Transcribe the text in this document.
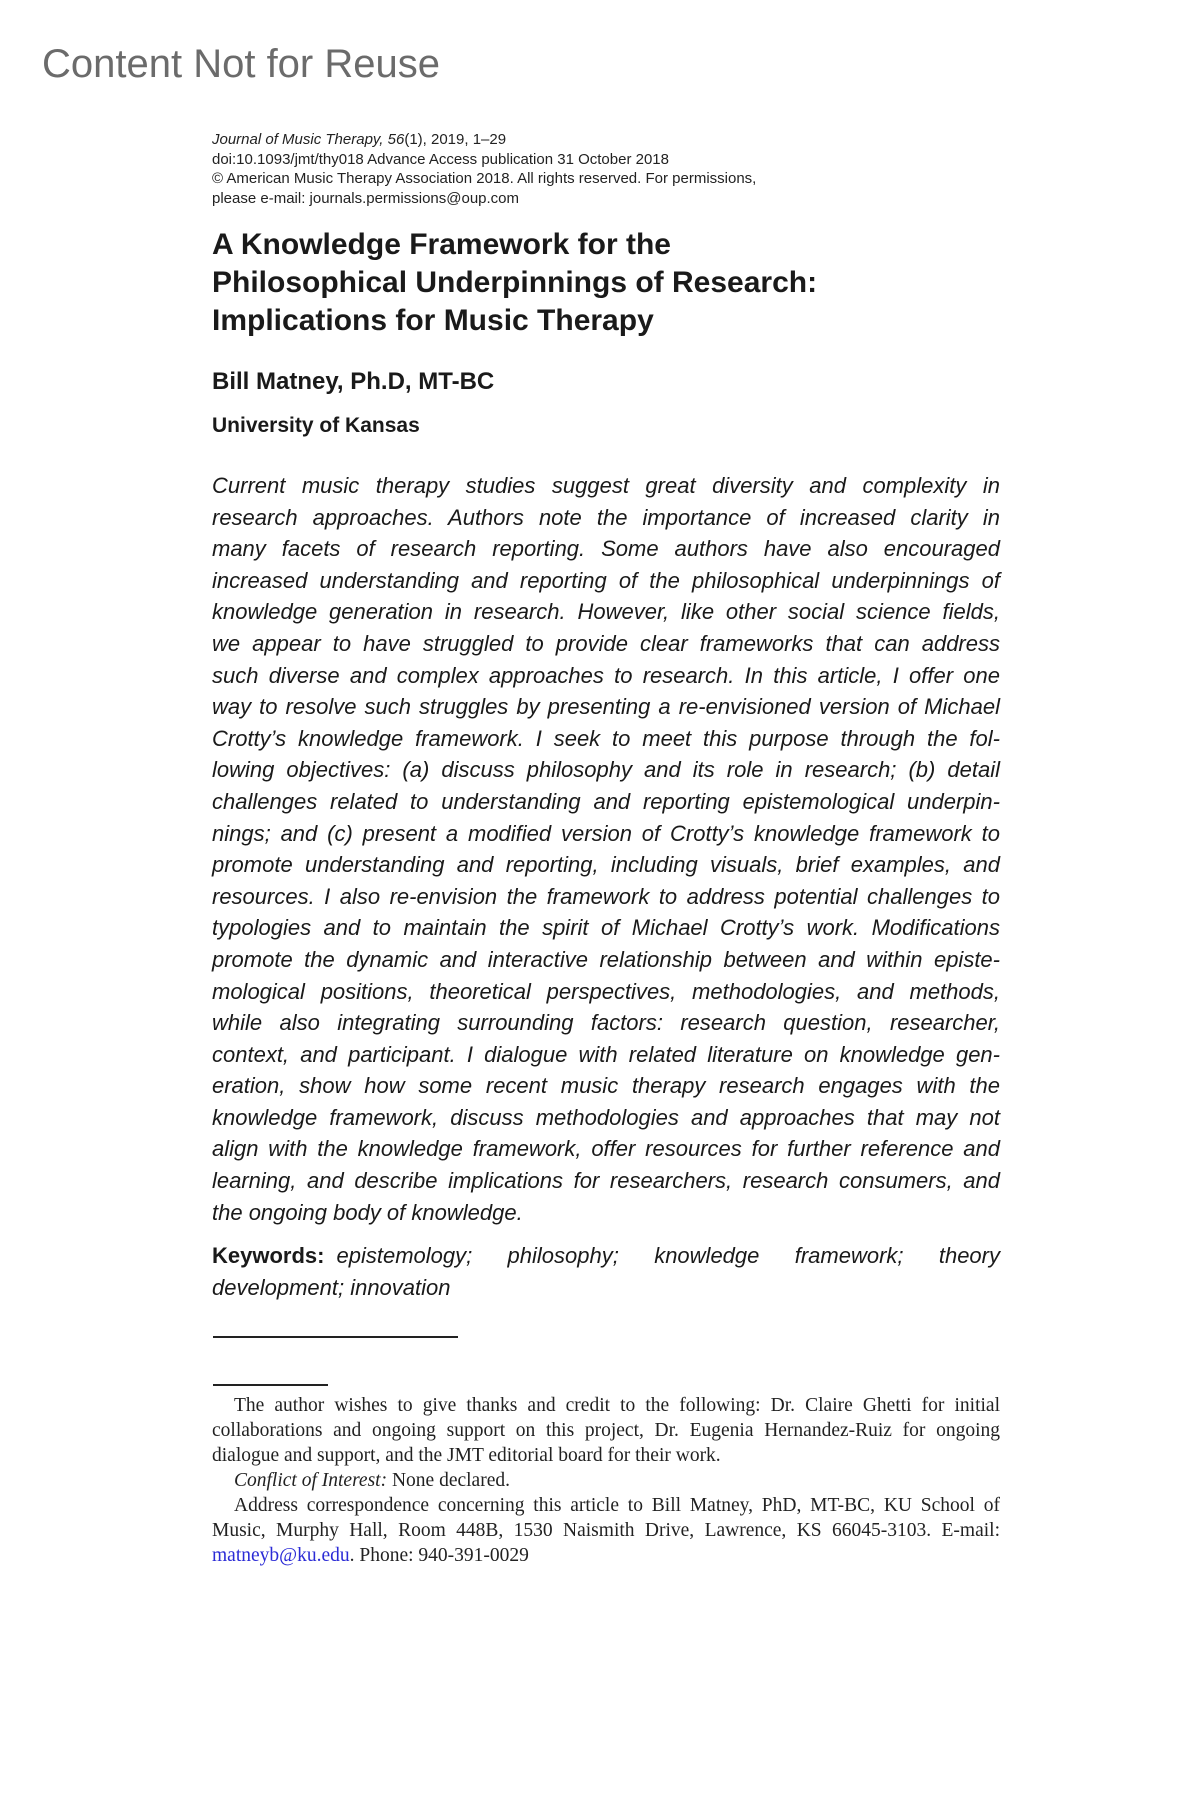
Content Not for Reuse
Journal of Music Therapy, 56(1), 2019, 1–29
doi:10.1093/jmt/thy018 Advance Access publication 31 October 2018
© American Music Therapy Association 2018. All rights reserved. For permissions,
please e-mail: journals.permissions@oup.com
A Knowledge Framework for the
Philosophical Underpinnings of Research:
Implications for Music Therapy
Bill Matney, Ph.D, MT-BC
University of Kansas
Current music therapy studies suggest great diversity and complexity in
research approaches. Authors note the importance of increased clarity in
many facets of research reporting. Some authors have also encouraged
increased understanding and reporting of the philosophical underpinnings of
knowledge generation in research. However, like other social science fields,
we appear to have struggled to provide clear frameworks that can address
such diverse and complex approaches to research. In this article, I offer one
way to resolve such struggles by presenting a re-envisioned version of Michael
Crotty’s knowledge framework. I seek to meet this purpose through the fol-
lowing objectives: (a) discuss philosophy and its role in research; (b) detail
challenges related to understanding and reporting epistemological underpin-
nings; and (c) present a modified version of Crotty’s knowledge framework to
promote understanding and reporting, including visuals, brief examples, and
resources. I also re-envision the framework to address potential challenges to
typologies and to maintain the spirit of Michael Crotty’s work. Modifications
promote the dynamic and interactive relationship between and within episte-
mological positions, theoretical perspectives, methodologies, and methods,
while also integrating surrounding factors: research question, researcher,
context, and participant. I dialogue with related literature on knowledge gen-
eration, show how some recent music therapy research engages with the
knowledge framework, discuss methodologies and approaches that may not
align with the knowledge framework, offer resources for further reference and
learning, and describe implications for researchers, research consumers, and
the ongoing body of knowledge.
Keywords: epistemology; philosophy; knowledge framework; theory development; innovation

The author wishes to give thanks and credit to the following: Dr. Claire Ghetti for initial collaborations and ongoing support on this project, Dr. Eugenia Hernandez-Ruiz for ongoing dialogue and support, and the JMT editorial board for their work.

Conflict of Interest: None declared.

Address correspondence concerning this article to Bill Matney, PhD, MT-BC, KU School of Music, Murphy Hall, Room 448B, 1530 Naismith Drive, Lawrence, KS 66045-3103. E-mail: matneyb@ku.edu. Phone: 940-391-0029
